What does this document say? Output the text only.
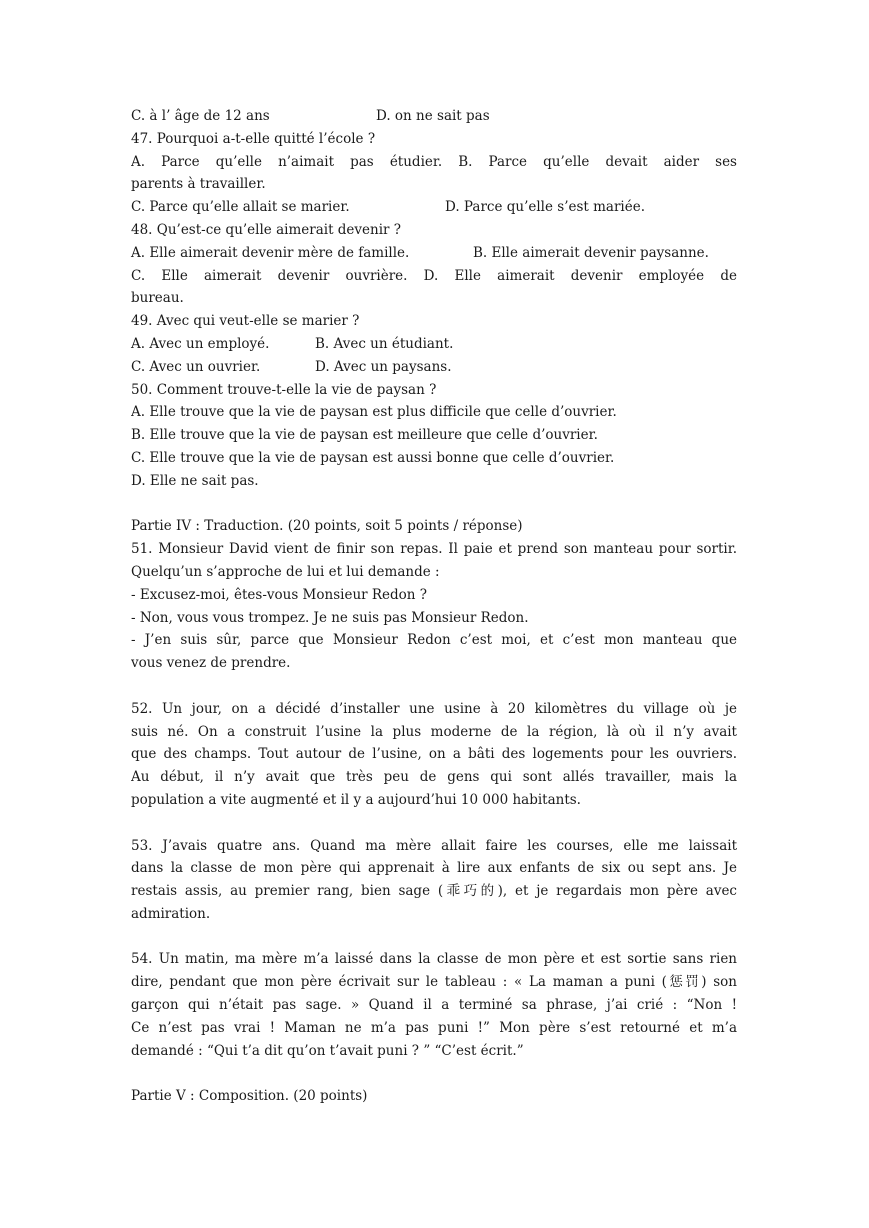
C. à l’ âge de 12 ans	D. on ne sait pas
47. Pourquoi a-t-elle quitté l’école ?
A. Parce qu’elle n’aimait pas étudier. B. Parce qu’elle devait aider ses
parents à travailler.
C. Parce qu’elle allait se marier.	D. Parce qu’elle s’est mariée.
48. Qu’est-ce qu’elle aimerait devenir ?
A. Elle aimerait devenir mère de famille.	B. Elle aimerait devenir paysanne.
C. Elle aimerait devenir ouvrière. D. Elle aimerait devenir employée de
bureau.
49. Avec qui veut-elle se marier ?
A. Avec un employé.	B. Avec un étudiant.
C. Avec un ouvrier.	D. Avec un paysans.
50. Comment trouve-t-elle la vie de paysan ?
A. Elle trouve que la vie de paysan est plus difficile que celle d’ouvrier.
B. Elle trouve que la vie de paysan est meilleure que celle d’ouvrier.
C. Elle trouve que la vie de paysan est aussi bonne que celle d’ouvrier.
D. Elle ne sait pas.
Partie IV : Traduction. (20 points, soit 5 points / réponse)
51. Monsieur David vient de finir son repas. Il paie et prend son manteau pour sortir.
Quelqu’un s’approche de lui et lui demande :
- Excusez-moi, êtes-vous Monsieur Redon ?
- Non, vous vous trompez. Je ne suis pas Monsieur Redon.
- J’en suis sûr, parce que Monsieur Redon c’est moi, et c’est mon manteau que
vous venez de prendre.
52. Un jour, on a décidé d’installer une usine à 20 kilomètres du village où je
suis né. On a construit l’usine la plus moderne de la région, là où il n’y avait
que des champs. Tout autour de l’usine, on a bâti des logements pour les ouvriers.
Au début, il n’y avait que très peu de gens qui sont allés travailler, mais la
population a vite augmenté et il y a aujourd’hui 10 000 habitants.
53. J’avais quatre ans. Quand ma mère allait faire les courses, elle me laissait
dans la classe de mon père qui apprenait à lire aux enfants de six ou sept ans. Je
restais assis, au premier rang, bien sage (乖巧的), et je regardais mon père avec
admiration.
54. Un matin, ma mère m’a laissé dans la classe de mon père et est sortie sans rien
dire, pendant que mon père écrivait sur le tableau : « La maman a puni (惩罚) son
garçon qui n’était pas sage. » Quand il a terminé sa phrase, j’ai crié : “Non !
Ce n’est pas vrai ! Maman ne m’a pas puni !” Mon père s’est retourné et m’a
demandé : “Qui t’a dit qu’on t’avait puni ? ” “C’est écrit.”
Partie V : Composition. (20 points)
